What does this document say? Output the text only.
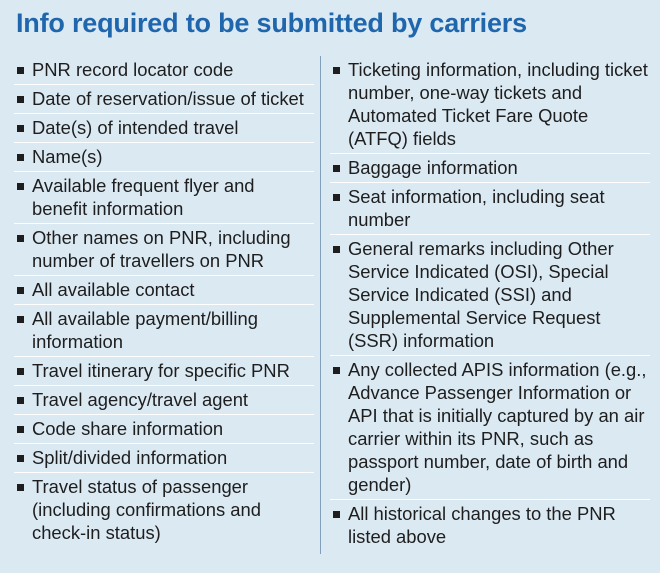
Info required to be submitted by carriers
PNR record locator code
Date of reservation/issue of ticket
Date(s) of intended travel
Name(s)
Available frequent flyer and benefit information
Other names on PNR, including number of travellers on PNR
All available contact
All available payment/billing information
Travel itinerary for specific PNR
Travel agency/travel agent
Code share information
Split/divided information
Travel status of passenger (including confirmations and check-in status)
Ticketing information, including ticket number, one-way tickets and Automated Ticket Fare Quote (ATFQ) fields
Baggage information
Seat information, including seat number
General remarks including Other Service Indicated (OSI), Special Service Indicated (SSI) and Supplemental Service Request (SSR) information
Any collected APIS information (e.g., Advance Passenger Information or API that is initially captured by an air carrier within its PNR, such as passport number, date of birth and gender)
All historical changes to the PNR listed above
